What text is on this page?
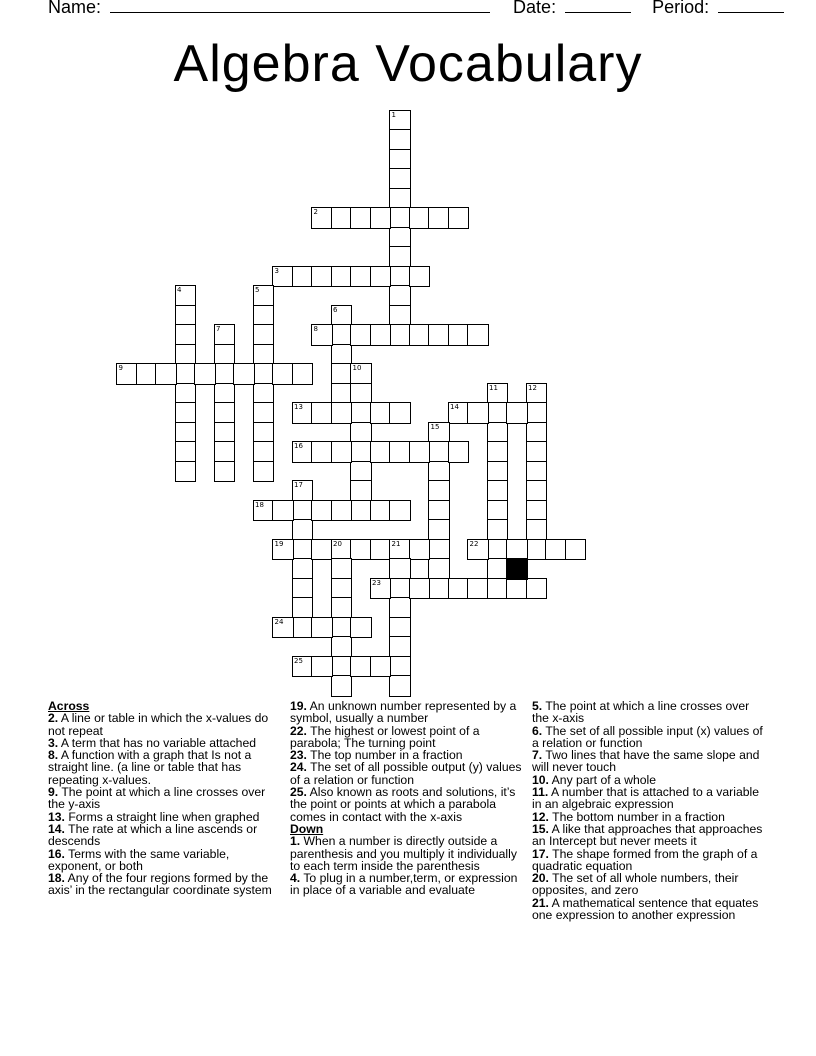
Name:	Date:	Period:
Algebra Vocabulary
1
2
3
4	5
6
7	8
9	10
11	12
13	14
15
16
17
18
19	20	21	22
23
24
25
Across
2. A line or table in which the x-values do not repeat
3. A term that has no variable attached
8. A function with a graph that Is not a straight line. (a line or table that has repeating x-values.
9. The point at which a line crosses over the y-axis
13. Forms a straight line when graphed
14. The rate at which a line ascends or descends
16. Terms with the same variable, exponent, or both
18. Any of the four regions formed by the axis’ in the rectangular coordinate system
19. An unknown number represented by a symbol, usually a number
22. The highest or lowest point of a parabola; The turning point
23. The top number in a fraction
24. The set of all possible output (y) values of a relation or function
25. Also known as roots and solutions, it’s the point or points at which a parabola comes in contact with the x-axis
Down
1. When a number is directly outside a parenthesis and you multiply it individually to each term inside the parenthesis
4. To plug in a number,term, or expression in place of a variable and evaluate
5. The point at which a line crosses over the x-axis
6. The set of all possible input (x) values of a relation or function
7. Two lines that have the same slope and will never touch
10. Any part of a whole
11. A number that is attached to a variable in an algebraic expression
12. The bottom number in a fraction
15. A like that approaches that approaches an Intercept but never meets it
17. The shape formed from the graph of a quadratic equation
20. The set of all whole numbers, their opposites, and zero
21. A mathematical sentence that equates one expression to another expression
